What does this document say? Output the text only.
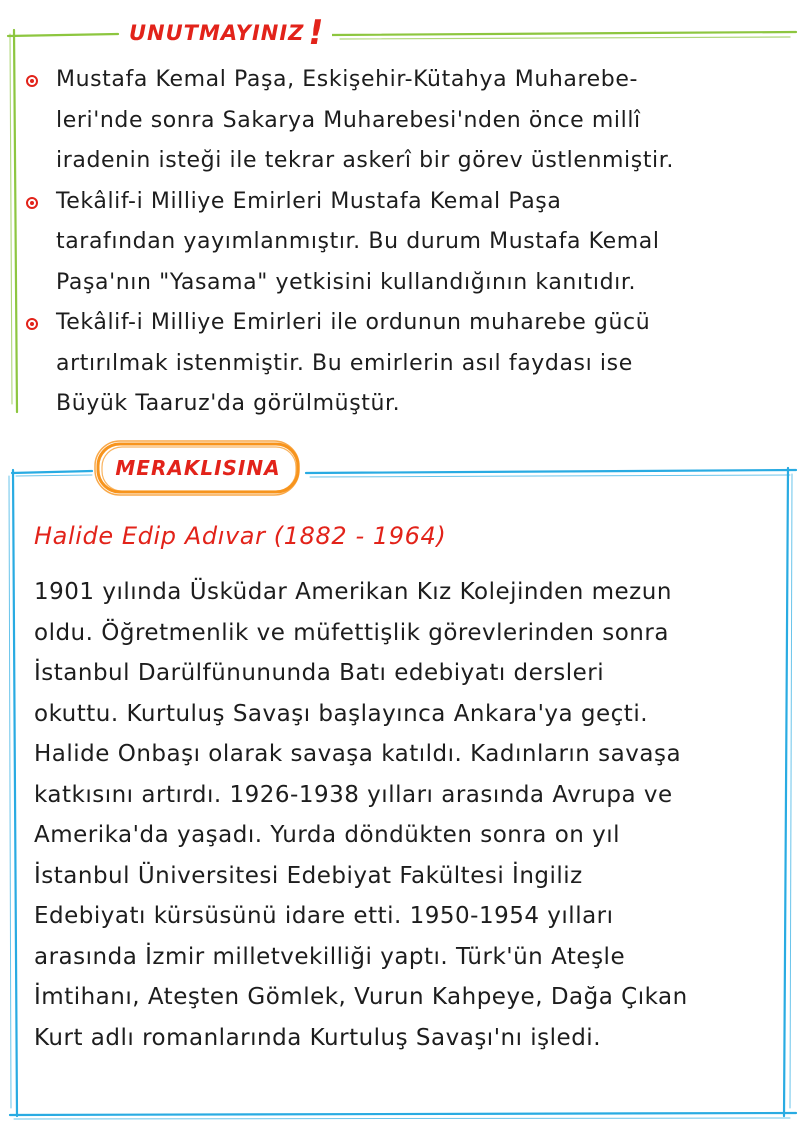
UNUTMAYINIZ !
Mustafa Kemal Paşa, Eskişehir-Kütahya Muharebe-
leri'nde sonra Sakarya Muharebesi'nden önce millî
iradenin isteği ile tekrar askerî bir görev üstlenmiştir.
Tekâlif-i Milliye Emirleri Mustafa Kemal Paşa
tarafından yayımlanmıştır. Bu durum Mustafa Kemal
Paşa'nın "Yasama" yetkisini kullandığının kanıtıdır.
Tekâlif-i Milliye Emirleri ile ordunun muharebe gücü
artırılmak istenmiştir. Bu emirlerin asıl faydası ise
Büyük Taaruz'da görülmüştür.
MERAKLISINA
Halide Edip Adıvar (1882 - 1964)

1901 yılında Üsküdar Amerikan Kız Kolejinden mezun
oldu. Öğretmenlik ve müfettişlik görevlerinden sonra
İstanbul Darülfünununda Batı edebiyatı dersleri
okuttu. Kurtuluş Savaşı başlayınca Ankara'ya geçti.
Halide Onbaşı olarak savaşa katıldı. Kadınların savaşa
katkısını artırdı. 1926-1938 yılları arasında Avrupa ve
Amerika'da yaşadı. Yurda döndükten sonra on yıl
İstanbul Üniversitesi Edebiyat Fakültesi İngiliz
Edebiyatı kürsüsünü idare etti. 1950-1954 yılları
arasında İzmir milletvekilliği yaptı. Türk'ün Ateşle
İmtihanı, Ateşten Gömlek, Vurun Kahpeye, Dağa Çıkan
Kurt adlı romanlarında Kurtuluş Savaşı'nı işledi.
